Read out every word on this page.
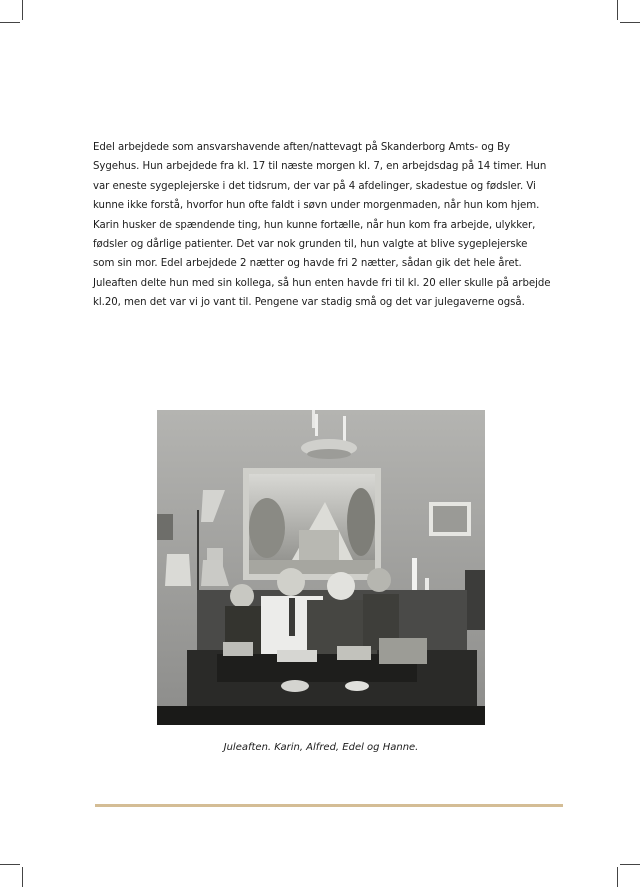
Edel arbejdede som ansvarshavende aften/nattevagt på Skanderborg Amts- og By Sygehus. Hun arbejdede fra kl. 17 til næste morgen kl. 7, en arbejdsdag på 14 timer. Hun var eneste sygeplejerske i det tidsrum, der var på 4 afdelinger, skadestue og fødsler. Vi kunne ikke forstå, hvorfor hun ofte faldt i søvn under morgenmaden, når hun kom hjem. Karin husker de spændende ting, hun kunne fortælle, når hun kom fra arbejde, ulykker, fødsler og dårlige patienter. Det var nok grunden til, hun valgte at blive sygeplejerske som sin mor. Edel arbejdede 2 nætter og havde fri 2 nætter, sådan gik det hele året. Juleaften delte hun med sin kollega, så hun enten havde fri til kl. 20 eller skulle på arbejde kl.20, men det var vi jo vant til. Pengene var stadig små og det var julegaverne også.

Juleaften. Karin, Alfred, Edel og Hanne.
